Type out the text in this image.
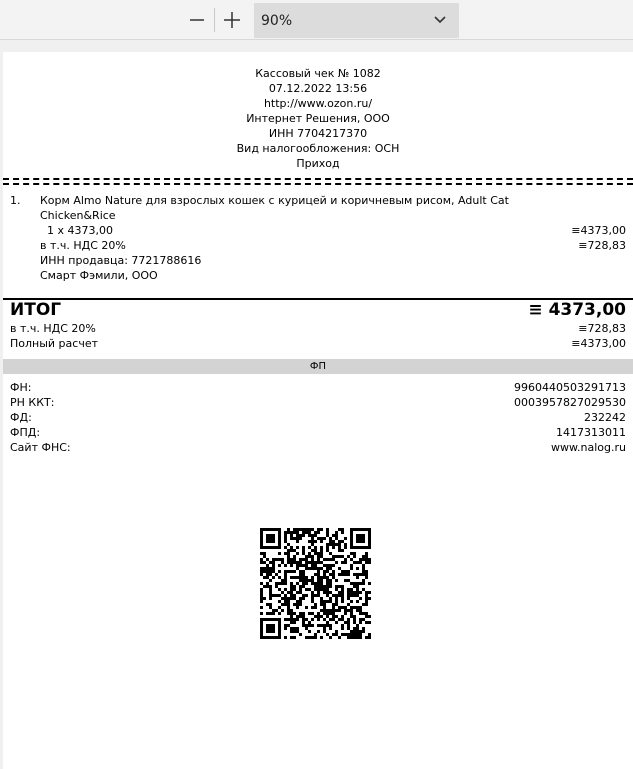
90%
Кассовый чек № 1082
07.12.2022 13:56
http://www.ozon.ru/
Интернет Решения, ООО
ИНН 7704217370
Вид налогообложения: ОСН
Приход
1. Корм Almo Nature для взрослых кошек с курицей и коричневым рисом, Adult Cat
Chicken&Rice
1 x 4373,00	≡4373,00
в т.ч. НДС 20%	≡728,83
ИНН продавца: 7721788616
Смарт Фэмили, ООО
ИТОГ	≡ 4373,00
в т.ч. НДС 20%	≡728,83
Полный расчет	≡4373,00
ФП
ФН:	9960440503291713
РН ККТ:	0003957827029530
ФД:	232242
ФПД:	1417313011
Сайт ФНС:	www.nalog.ru
